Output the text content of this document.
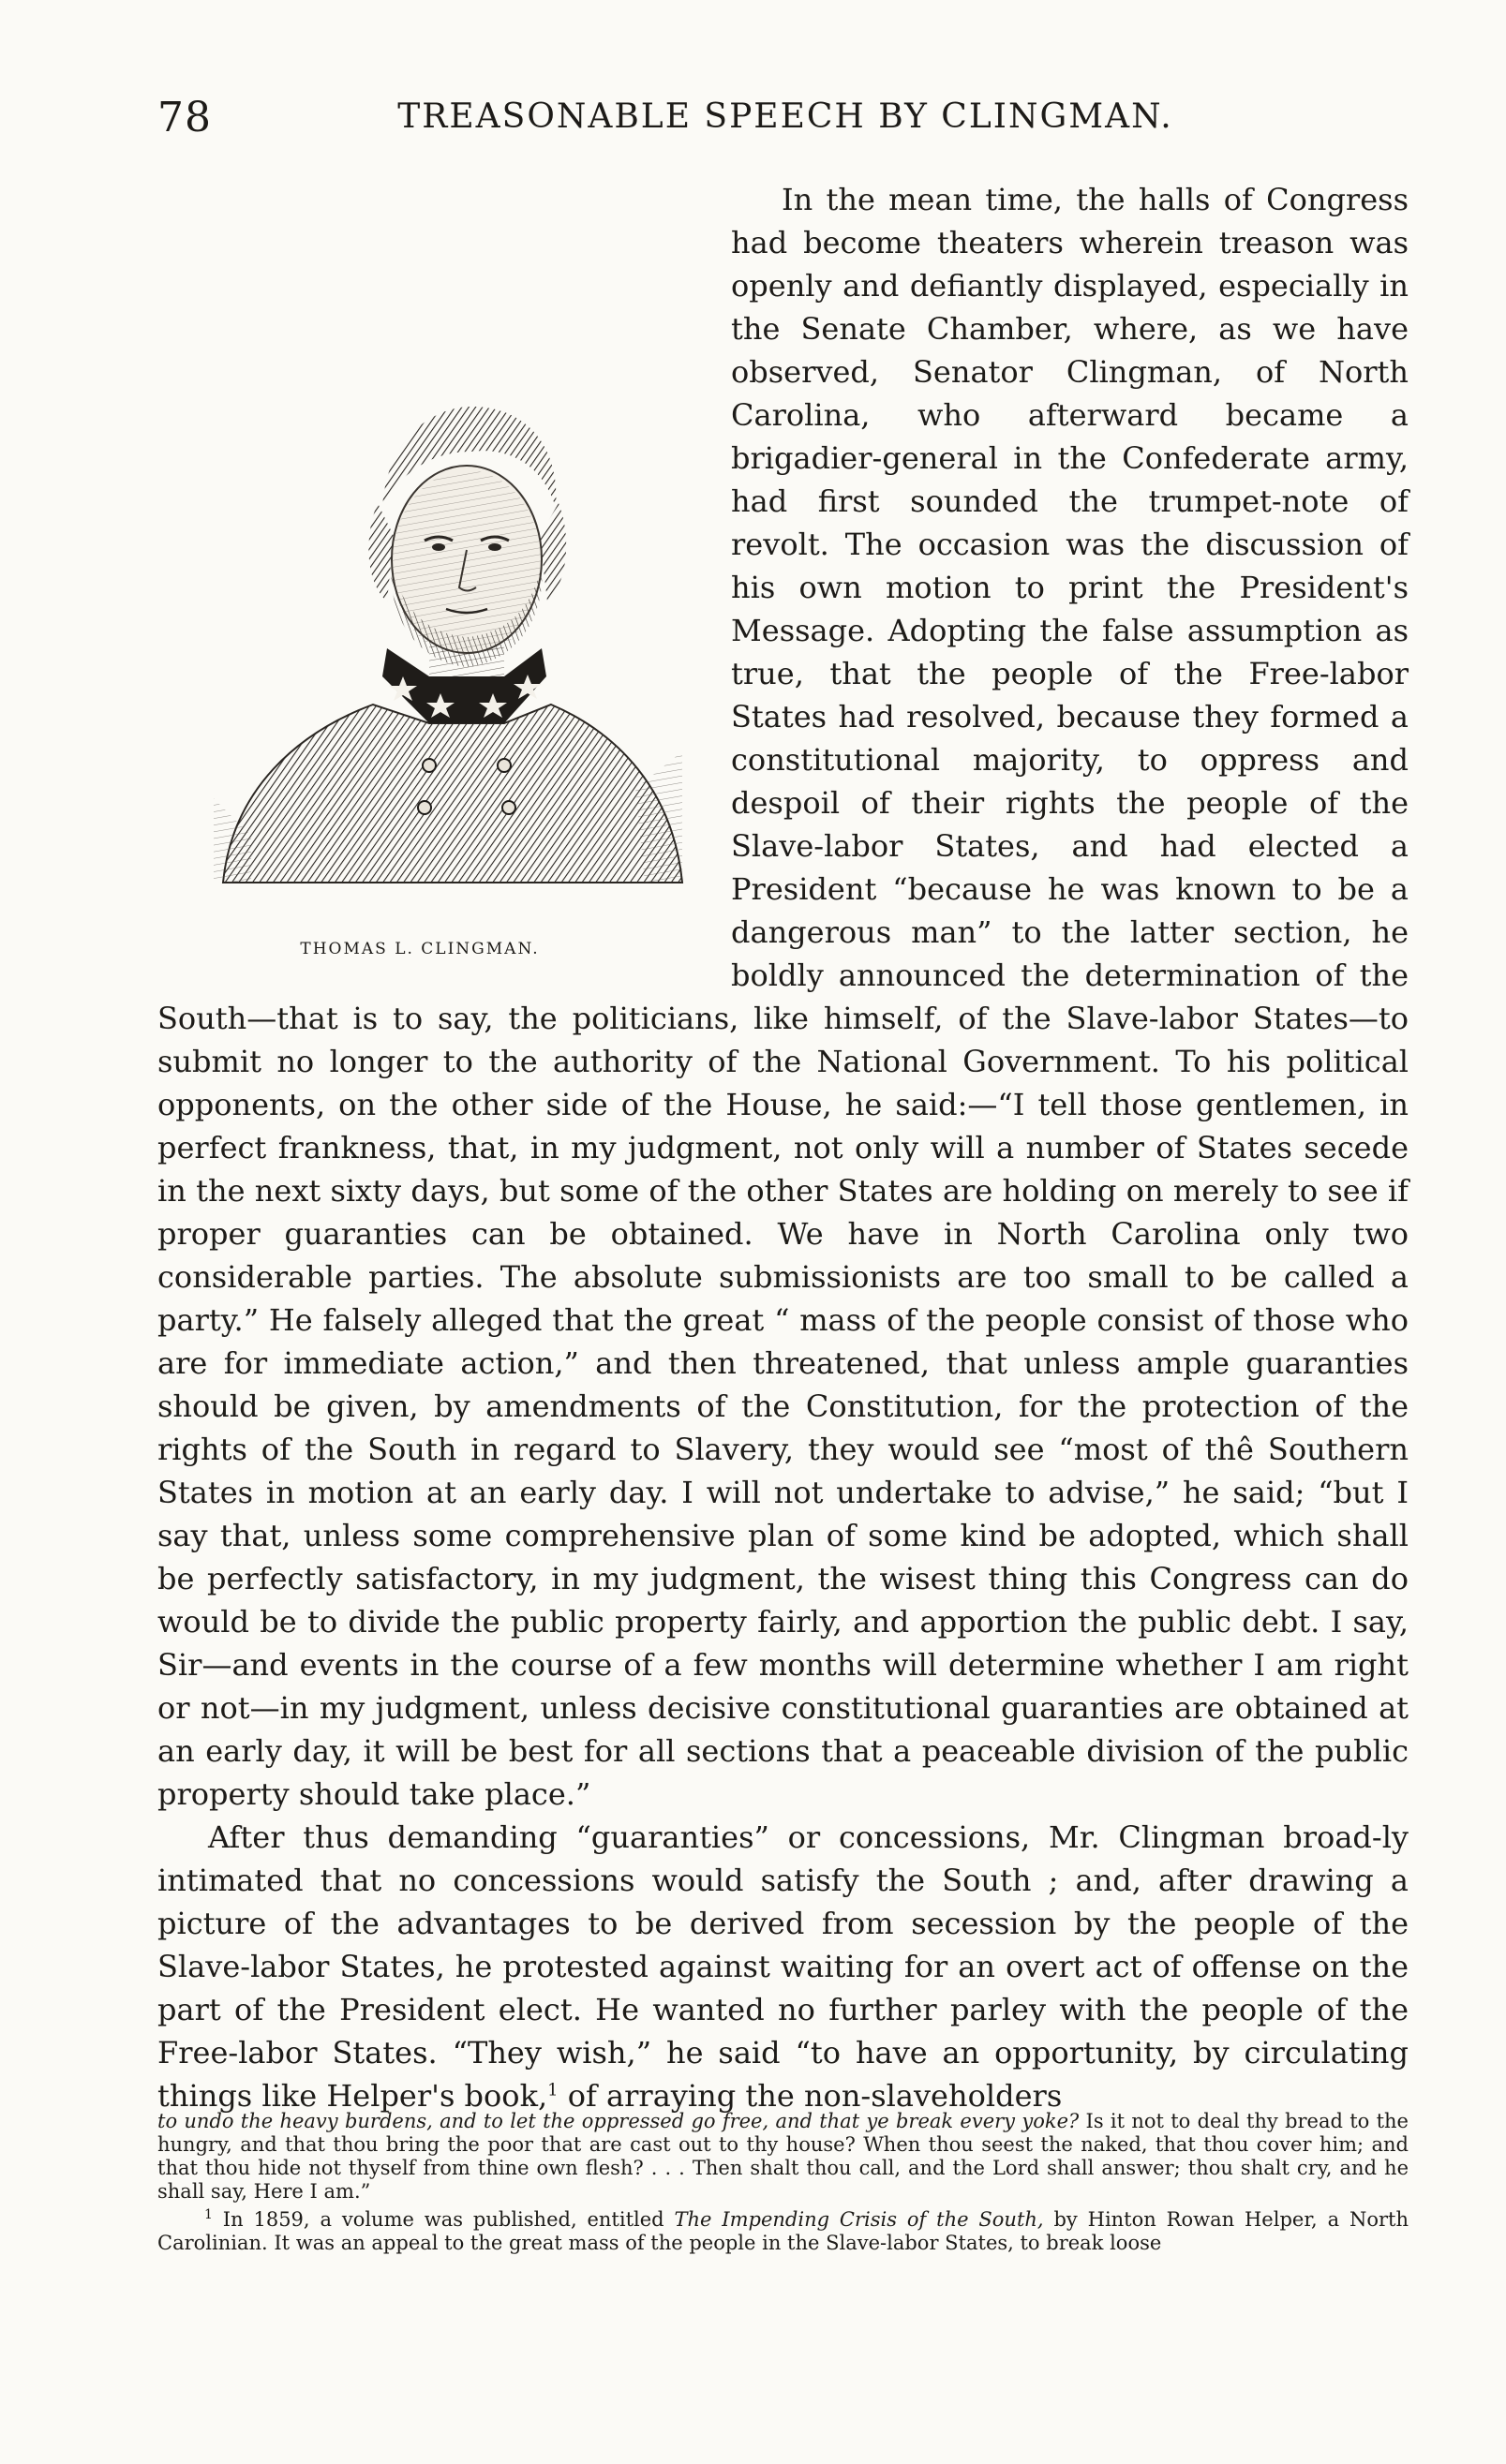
78	TREASONABLE SPEECH BY CLINGMAN.
THOMAS L. CLINGMAN.

In the mean time, the halls of Congress had become theaters wherein treason was openly and defiantly displayed, especially in the Senate Chamber, where, as we have observed, Senator Clingman, of North Carolina, who afterward became a brigadier-general in the Confederate army, had first sounded the trumpet-note of revolt. The occasion was the discussion of his own motion to print the President's Message. Adopting the false assumption as true, that the people of the Free-labor States had resolved, because they formed a constitutional majority, to oppress and despoil of their rights the people of the Slave-labor States, and had elected a President “because he was known to be a dangerous man” to the latter section, he boldly announced the determination of the South—that is to say, the politicians, like himself, of the Slave-labor States—to submit no longer to the authority of the National Government. To his political opponents, on the other side of the House, he said:—“I tell those gentlemen, in perfect frankness, that, in my judgment, not only will a number of States secede in the next sixty days, but some of the other States are holding on merely to see if proper guaranties can be obtained. We have in North Carolina only two considerable parties. The absolute submissionists are too small to be called a party.” He falsely alleged that the great “ mass of the people consist of those who are for immediate action,” and then threatened, that unless ample guaranties should be given, by amendments of the Constitution, for the protection of the rights of the South in regard to Slavery, they would see “most of thê Southern States in motion at an early day. I will not undertake to advise,” he said; “but I say that, unless some comprehensive plan of some kind be adopted, which shall be perfectly satisfactory, in my judgment, the wisest thing this Congress can do would be to divide the public property fairly, and apportion the public debt. I say, Sir—and events in the course of a few months will determine whether I am right or not—in my judgment, unless decisive constitutional guaranties are obtained at an early day, it will be best for all sections that a peaceable division of the public property should take place.”

After thus demanding “guaranties” or concessions, Mr. Clingman broad-ly intimated that no concessions would satisfy the South ; and, after drawing a picture of the advantages to be derived from secession by the people of the Slave-labor States, he protested against waiting for an overt act of offense on the part of the President elect. He wanted no further parley with the people of the Free-labor States. “They wish,” he said “to have an opportunity, by circulating things like Helper's book,$^1$ of arraying the non-slaveholders

to undo the heavy burdens, and to let the oppressed go free, and that ye break every yoke? Is it not to deal thy bread to the hungry, and that thou bring the poor that are cast out to thy house? When thou seest the naked, that thou cover him; and that thou hide not thyself from thine own flesh? . . . Then shalt thou call, and the Lord shall answer; thou shalt cry, and he shall say, Here I am.”

$^1$ In 1859, a volume was published, entitled The Impending Crisis of the South, by Hinton Rowan Helper, a North Carolinian. It was an appeal to the great mass of the people in the Slave-labor States, to break loose
